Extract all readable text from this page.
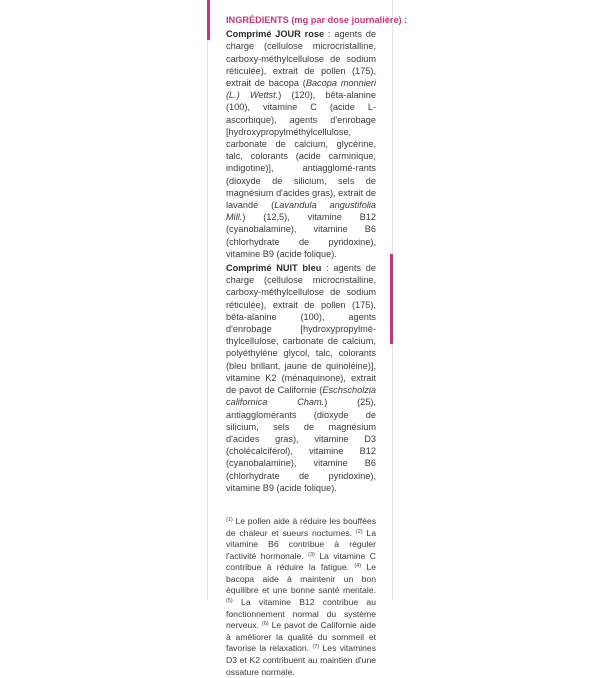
INGRÉDIENTS (mg par dose journalière) :

Comprimé JOUR rose : agents de charge (cellulose microcristalline, carboxy-méthylcellulose de sodium réticulée), extrait de pollen (175), extrait de bacopa (Bacopa monnieri (L.) Wettst.) (120), bêta-alanine (100), vitamine C (acide L-ascorbique), agents d'enrobage [hydroxypropylméthylcellulose, carbonate de calcium, glycérine, talc, colorants (acide carminique, indigotine)], antiagglomé-rants (dioxyde de silicium, sels de magnésium d'acides gras), extrait de lavande (Lavandula angustifolia Mill.) (12,5), vitamine B12 (cyanobalamine), vitamine B6 (chlorhydrate de pyridoxine), vitamine B9 (acide folique).

Comprimé NUIT bleu : agents de charge (cellulose microcristalline, carboxy-méthylcellulose de sodium réticulée), extrait de pollen (175), bêta-alanine (100), agents d'enrobage [hydroxypropylmé-thylcellulose, carbonate de calcium, polyéthylène glycol, talc, colorants (bleu brillant, jaune de quinoléine)], vitamine K2 (ménaquinone), extrait de pavot de Californie (Eschscholzia californica Cham.) (25), antiagglomérants (dioxyde de silicium, sels de magnésium d'acides gras), vitamine D3 (cholécalciférol), vitamine B12 (cyanobalamine), vitamine B6 (chlorhydrate de pyridoxine), vitamine B9 (acide folique).

$^{(1)}$ Le pollen aide à réduire les bouffées de chaleur et sueurs nocturnes. $^{(2)}$ La vitamine B6 contribue à réguler l'activité hormonale. $^{(3)}$ La vitamine C contribue à réduire la fatigue. $^{(4)}$ Le bacopa aide à maintenir un bon équilibre et une bonne santé mentale. $^{(5)}$ La vitamine B12 contribue au fonctionnement normal du système nerveux. $^{(6)}$ Le pavot de Californie aide à améliorer la qualité du sommeil et favorise la relaxation. $^{(7)}$ Les vitamines D3 et K2 contribuent au maintien d'une ossature normale.
